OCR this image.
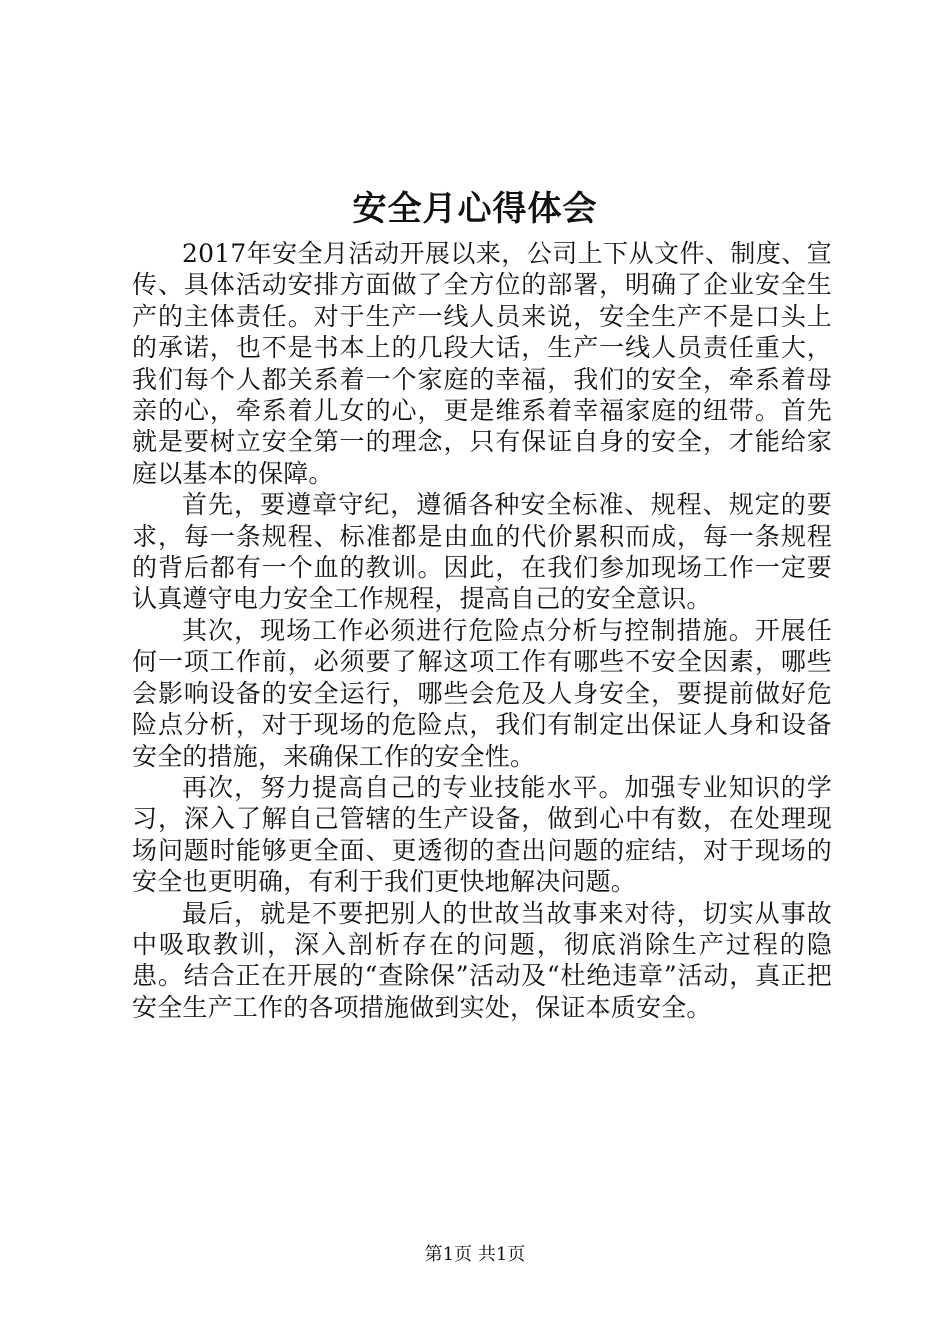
安全月心得体会

2017年安全月活动开展以来，公司上下从文件、制度、宣传、具体活动安排方面做了全方位的部署，明确了企业安全生产的主体责任。对于生产一线人员来说，安全生产不是口头上的承诺，也不是书本上的几段大话，生产一线人员责任重大，我们每个人都关系着一个家庭的幸福，我们的安全，牵系着母亲的心，牵系着儿女的心，更是维系着幸福家庭的纽带。首先就是要树立安全第一的理念，只有保证自身的安全，才能给家庭以基本的保障。

首先，要遵章守纪，遵循各种安全标准、规程、规定的要求，每一条规程、标准都是由血的代价累积而成，每一条规程的背后都有一个血的教训。因此，在我们参加现场工作一定要认真遵守电力安全工作规程，提高自己的安全意识。

其次，现场工作必须进行危险点分析与控制措施。开展任何一项工作前，必须要了解这项工作有哪些不安全因素，哪些会影响设备的安全运行，哪些会危及人身安全，要提前做好危险点分析，对于现场的危险点，我们有制定出保证人身和设备安全的措施，来确保工作的安全性。

再次，努力提高自己的专业技能水平。加强专业知识的学习，深入了解自己管辖的生产设备，做到心中有数，在处理现场问题时能够更全面、更透彻的查出问题的症结，对于现场的安全也更明确，有利于我们更快地解决问题。

最后，就是不要把别人的世故当故事来对待，切实从事故中吸取教训，深入剖析存在的问题，彻底消除生产过程的隐患。结合正在开展的“查除保”活动及“杜绝违章”活动，真正把安全生产工作的各项措施做到实处，保证本质安全。

第1页 共1页
